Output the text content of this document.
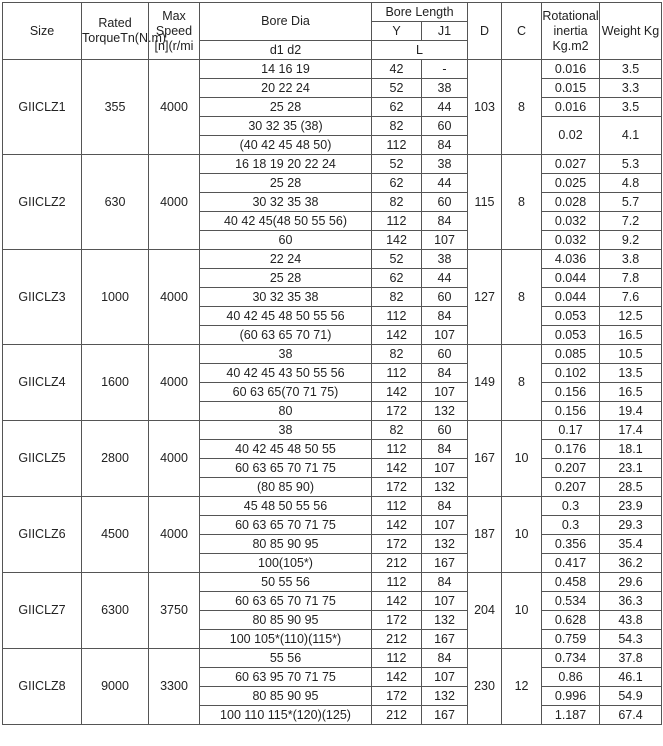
Size	Rated TorqueTn(N.m)	Max Speed [n](r/mi	Bore Dia	Bore Length		D	C	Rotational inertia Kg.m2	Weight Kg
				Y	J1				
			d1 d2	L					
GIICLZ1	355	4000	14 16 19	42	-	103	8	0.016	3.5
			20 22 24	52	38			0.015	3.3
			25 28	62	44			0.016	3.5
			30 32 35 (38)	82	60			0.02	4.1
			(40 42 45 48 50)	112	84				
GIICLZ2	630	4000	16 18 19 20 22 24	52	38	115	8	0.027	5.3
			25 28	62	44			0.025	4.8
			30 32 35 38	82	60			0.028	5.7
			40 42 45(48 50 55 56)	112	84			0.032	7.2
			60	142	107			0.032	9.2
GIICLZ3	1000	4000	22 24	52	38	127	8	4.036	3.8
			25 28	62	44			0.044	7.8
			30 32 35 38	82	60			0.044	7.6
			40 42 45 48 50 55 56	112	84			0.053	12.5
			(60 63 65 70 71)	142	107			0.053	16.5
GIICLZ4	1600	4000	38	82	60	149	8	0.085	10.5
			40 42 45 43 50 55 56	112	84			0.102	13.5
			60 63 65(70 71 75)	142	107			0.156	16.5
			80	172	132			0.156	19.4
GIICLZ5	2800	4000	38	82	60	167	10	0.17	17.4
			40 42 45 48 50 55	112	84			0.176	18.1
			60 63 65 70 71 75	142	107			0.207	23.1
			(80 85 90)	172	132			0.207	28.5
GIICLZ6	4500	4000	45 48 50 55 56	112	84	187	10	0.3	23.9
			60 63 65 70 71 75	142	107			0.3	29.3
			80 85 90 95	172	132			0.356	35.4
			100(105*)	212	167			0.417	36.2
GIICLZ7	6300	3750	50 55 56	112	84	204	10	0.458	29.6
			60 63 65 70 71 75	142	107			0.534	36.3
			80 85 90 95	172	132			0.628	43.8
			100 105*(110)(115*)	212	167			0.759	54.3
GIICLZ8	9000	3300	55 56	112	84	230	12	0.734	37.8
			60 63 95 70 71 75	142	107			0.86	46.1
			80 85 90 95	172	132			0.996	54.9
			100 110 115*(120)(125)	212	167			1.187	67.4
